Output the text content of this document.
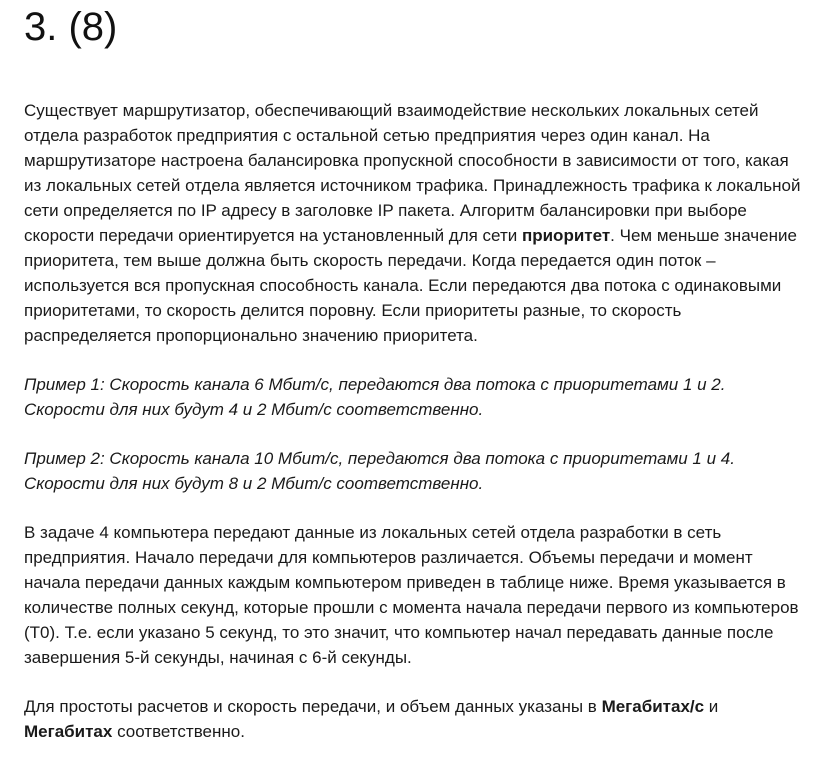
3. (8)

Существует маршрутизатор, обеспечивающий взаимодействие нескольких локальных сетей отдела разработок предприятия с остальной сетью предприятия через один канал. На маршрутизаторе настроена балансировка пропускной способности в зависимости от того, какая из локальных сетей отдела является источником трафика. Принадлежность трафика к локальной сети определяется по IP адресу в заголовке IP пакета. Алгоритм балансировки при выборе скорости передачи ориентируется на установленный для сети приоритет. Чем меньше значение приоритета, тем выше должна быть скорость передачи. Когда передается один поток – используется вся пропускная способность канала. Если передаются два потока с одинаковыми приоритетами, то скорость делится поровну. Если приоритеты разные, то скорость распределяется пропорционально значению приоритета.

Пример 1: Скорость канала 6 Мбит/с, передаются два потока с приоритетами 1 и 2. Скорости для них будут 4 и 2 Мбит/с соответственно.

Пример 2: Скорость канала 10 Мбит/с, передаются два потока с приоритетами 1 и 4. Скорости для них будут 8 и 2 Мбит/с соответственно.

В задаче 4 компьютера передают данные из локальных сетей отдела разработки в сеть предприятия. Начало передачи для компьютеров различается. Объемы передачи и момент начала передачи данных каждым компьютером приведен в таблице ниже. Время указывается в количестве полных секунд, которые прошли с момента начала передачи первого из компьютеров (T0). Т.е. если указано 5 секунд, то это значит, что компьютер начал передавать данные после завершения 5-й секунды, начиная с 6-й секунды.

Для простоты расчетов и скорость передачи, и объем данных указаны в Мегабитах/с и Мегабитах соответственно.
